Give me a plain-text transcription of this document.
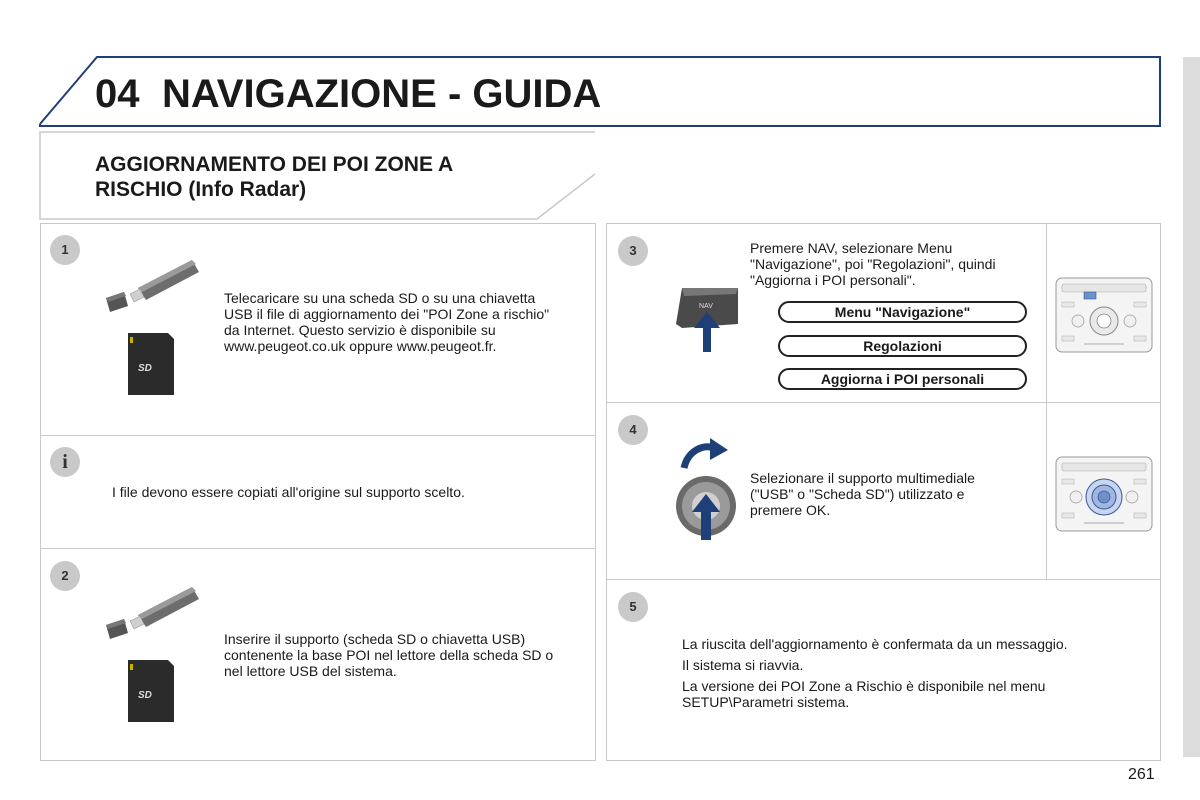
04 NAVIGAZIONE - GUIDA
AGGIORNAMENTO DEI POI ZONE A RISCHIO (Info Radar)
1
SD
Telecaricare su una scheda SD o su una chiavetta USB il file di aggiornamento dei "POI Zone a rischio" da Internet. Questo servizio è disponibile su www.peugeot.co.uk oppure www.peugeot.fr.
i
I file devono essere copiati all'origine sul supporto scelto.
2
SD
Inserire il supporto (scheda SD o chiavetta USB) contenente la base POI nel lettore della scheda SD o nel lettore USB del sistema.
3
NAV
Premere NAV, selezionare Menu "Navigazione", poi "Regolazioni", quindi "Aggiorna i POI personali".
Menu "Navigazione"
Regolazioni
Aggiorna i POI personali
4
Selezionare il supporto multimediale ("USB" o "Scheda SD") utilizzato e premere OK.
5
La riuscita dell'aggiornamento è confermata da un messaggio.
Il sistema si riavvia.
La versione dei POI Zone a Rischio è disponibile nel menu SETUP\Parametri sistema.
261
